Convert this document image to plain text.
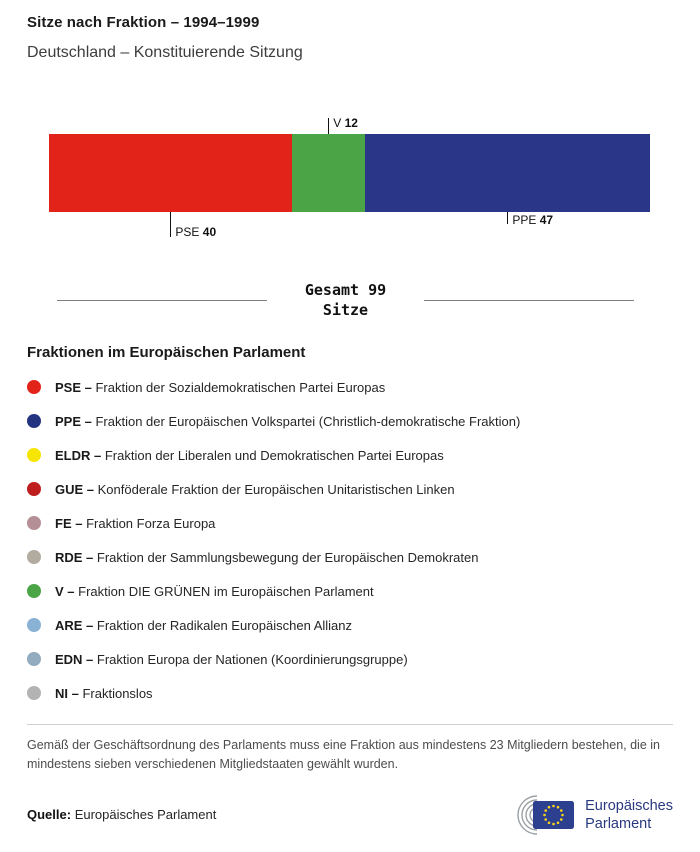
Sitze nach Fraktion – 1994–1999
Deutschland – Konstituierende Sitzung
V 12
PSE 40
PPE 47
Gesamt 99
Sitze
Fraktionen im Europäischen Parlament
PSE – Fraktion der Sozialdemokratischen Partei Europas
PPE – Fraktion der Europäischen Volkspartei (Christlich-demokratische Fraktion)
ELDR – Fraktion der Liberalen und Demokratischen Partei Europas
GUE – Konföderale Fraktion der Europäischen Unitaristischen Linken
FE – Fraktion Forza Europa
RDE – Fraktion der Sammlungsbewegung der Europäischen Demokraten
V – Fraktion DIE GRÜNEN im Europäischen Parlament
ARE – Fraktion der Radikalen Europäischen Allianz
EDN – Fraktion Europa der Nationen (Koordinierungsgruppe)
NI – Fraktionslos
Gemäß der Geschäftsordnung des Parlaments muss eine Fraktion aus mindestens 23 Mitgliedern bestehen, die in mindestens sieben verschiedenen Mitgliedstaaten gewählt wurden.
Quelle: Europäisches Parlament
Europäisches
Parlament
